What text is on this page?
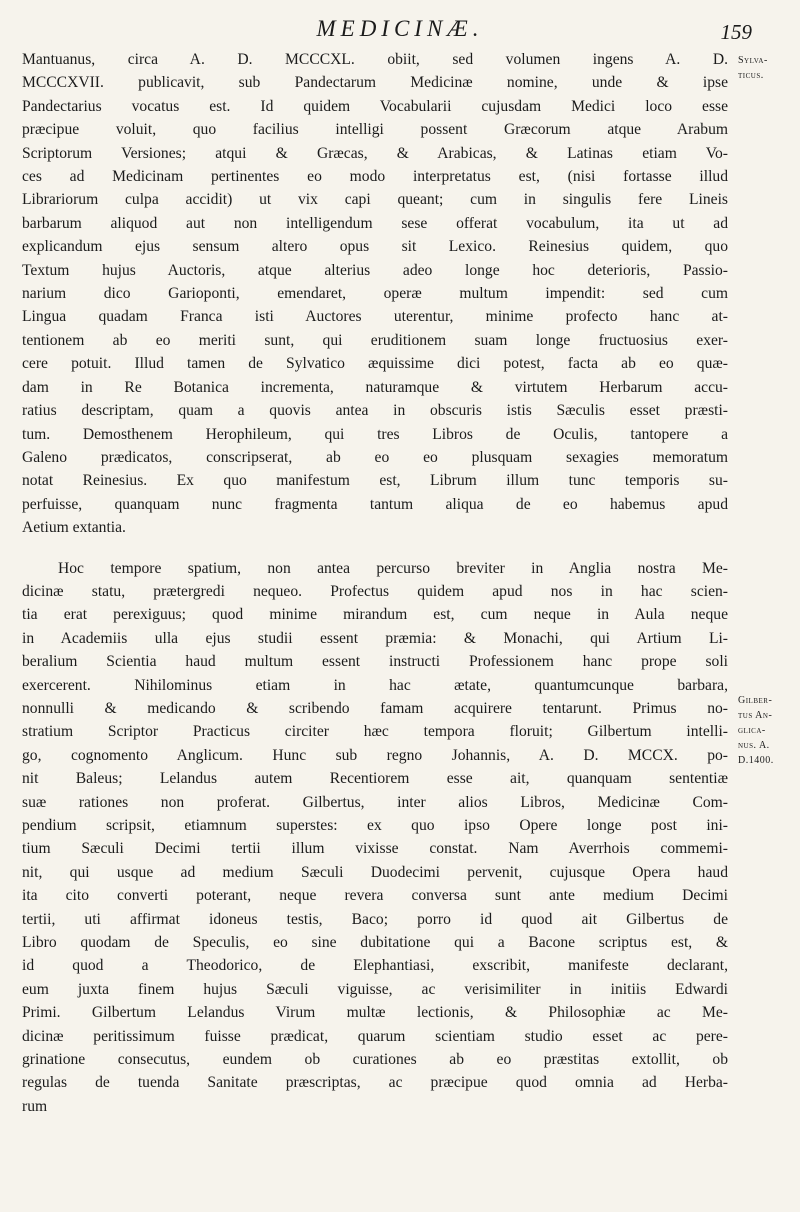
MEDICINÆ.	159

Mantuanus, circa A. D. MCCCXL. obiit, sed volumen ingens A. D.
MCCCXVII. publicavit, sub Pandectarum Medicinæ nomine, unde & ipse
Pandectarius vocatus est. Id quidem Vocabularii cujusdam Medici loco esse
præcipue voluit, quo facilius intelligi possent Græcorum atque Arabum
Scriptorum Versiones; atqui & Græcas, & Arabicas, & Latinas etiam Vo-
ces ad Medicinam pertinentes eo modo interpretatus est, (nisi fortasse illud
Librariorum culpa accidit) ut vix capi queant; cum in singulis fere Lineis
barbarum aliquod aut non intelligendum sese offerat vocabulum, ita ut ad
explicandum ejus sensum altero opus sit Lexico. Reinesius quidem, quo
Textum hujus Auctoris, atque alterius adeo longe hoc deterioris, Passio-
narium dico Garioponti, emendaret, operæ multum impendit: sed cum
Lingua quadam Franca isti Auctores uterentur, minime profecto hanc at-
tentionem ab eo meriti sunt, qui eruditionem suam longe fructuosius exer-
cere potuit. Illud tamen de Sylvatico æquissime dici potest, facta ab eo quæ-
dam in Re Botanica incrementa, naturamque & virtutem Herbarum accu-
ratius descriptam, quam a quovis antea in obscuris istis Sæculis esset præsti-
tum. Demosthenem Herophileum, qui tres Libros de Oculis, tantopere a
Galeno prædicatos, conscripserat, ab eo eo plusquam sexagies memoratum
notat Reinesius. Ex quo manifestum est, Librum illum tunc temporis su-
perfuisse, quanquam nunc fragmenta tantum aliqua de eo habemus apud
Aetium extantia.

Hoc tempore spatium, non antea percurso breviter in Anglia nostra Me-
dicinæ statu, prætergredi nequeo. Profectus quidem apud nos in hac scien-
tia erat perexiguus; quod minime mirandum est, cum neque in Aula neque
in Academiis ulla ejus studii essent præmia: & Monachi, qui Artium Li-
beralium Scientia haud multum essent instructi Professionem hanc prope soli
exercerent. Nihilominus etiam in hac ætate, quantumcunque barbara,
nonnulli & medicando & scribendo famam acquirere tentarunt. Primus no-
stratium Scriptor Practicus circiter hæc tempora floruit; Gilbertum intelli-
go, cognomento Anglicum. Hunc sub regno Johannis, A. D. MCCX. po-
nit Baleus; Lelandus autem Recentiorem esse ait, quanquam sententiæ
suæ rationes non proferat. Gilbertus, inter alios Libros, Medicinæ Com-
pendium scripsit, etiamnum superstes: ex quo ipso Opere longe post ini-
tium Sæculi Decimi tertii illum vixisse constat. Nam Averrhois commemi-
nit, qui usque ad medium Sæculi Duodecimi pervenit, cujusque Opera haud
ita cito converti poterant, neque revera conversa sunt ante medium Decimi
tertii, uti affirmat idoneus testis, Baco; porro id quod ait Gilbertus de
Libro quodam de Speculis, eo sine dubitatione qui a Bacone scriptus est, &
id quod a Theodorico, de Elephantiasi, exscribit, manifeste declarant,
eum juxta finem hujus Sæculi viguisse, ac verisimiliter in initiis Edwardi
Primi. Gilbertum Lelandus Virum multæ lectionis, & Philosophiæ ac Me-
dicinæ peritissimum fuisse prædicat, quarum scientiam studio esset ac pere-
grinatione consecutus, eundem ob curationes ab eo præstitas extollit, ob
regulas de tuenda Sanitate præscriptas, ac præcipue quod omnia ad Herba-
rum

Sylva-
ticus.
Gilber-
tus An-
glica-
nus. A.
D.1400.
